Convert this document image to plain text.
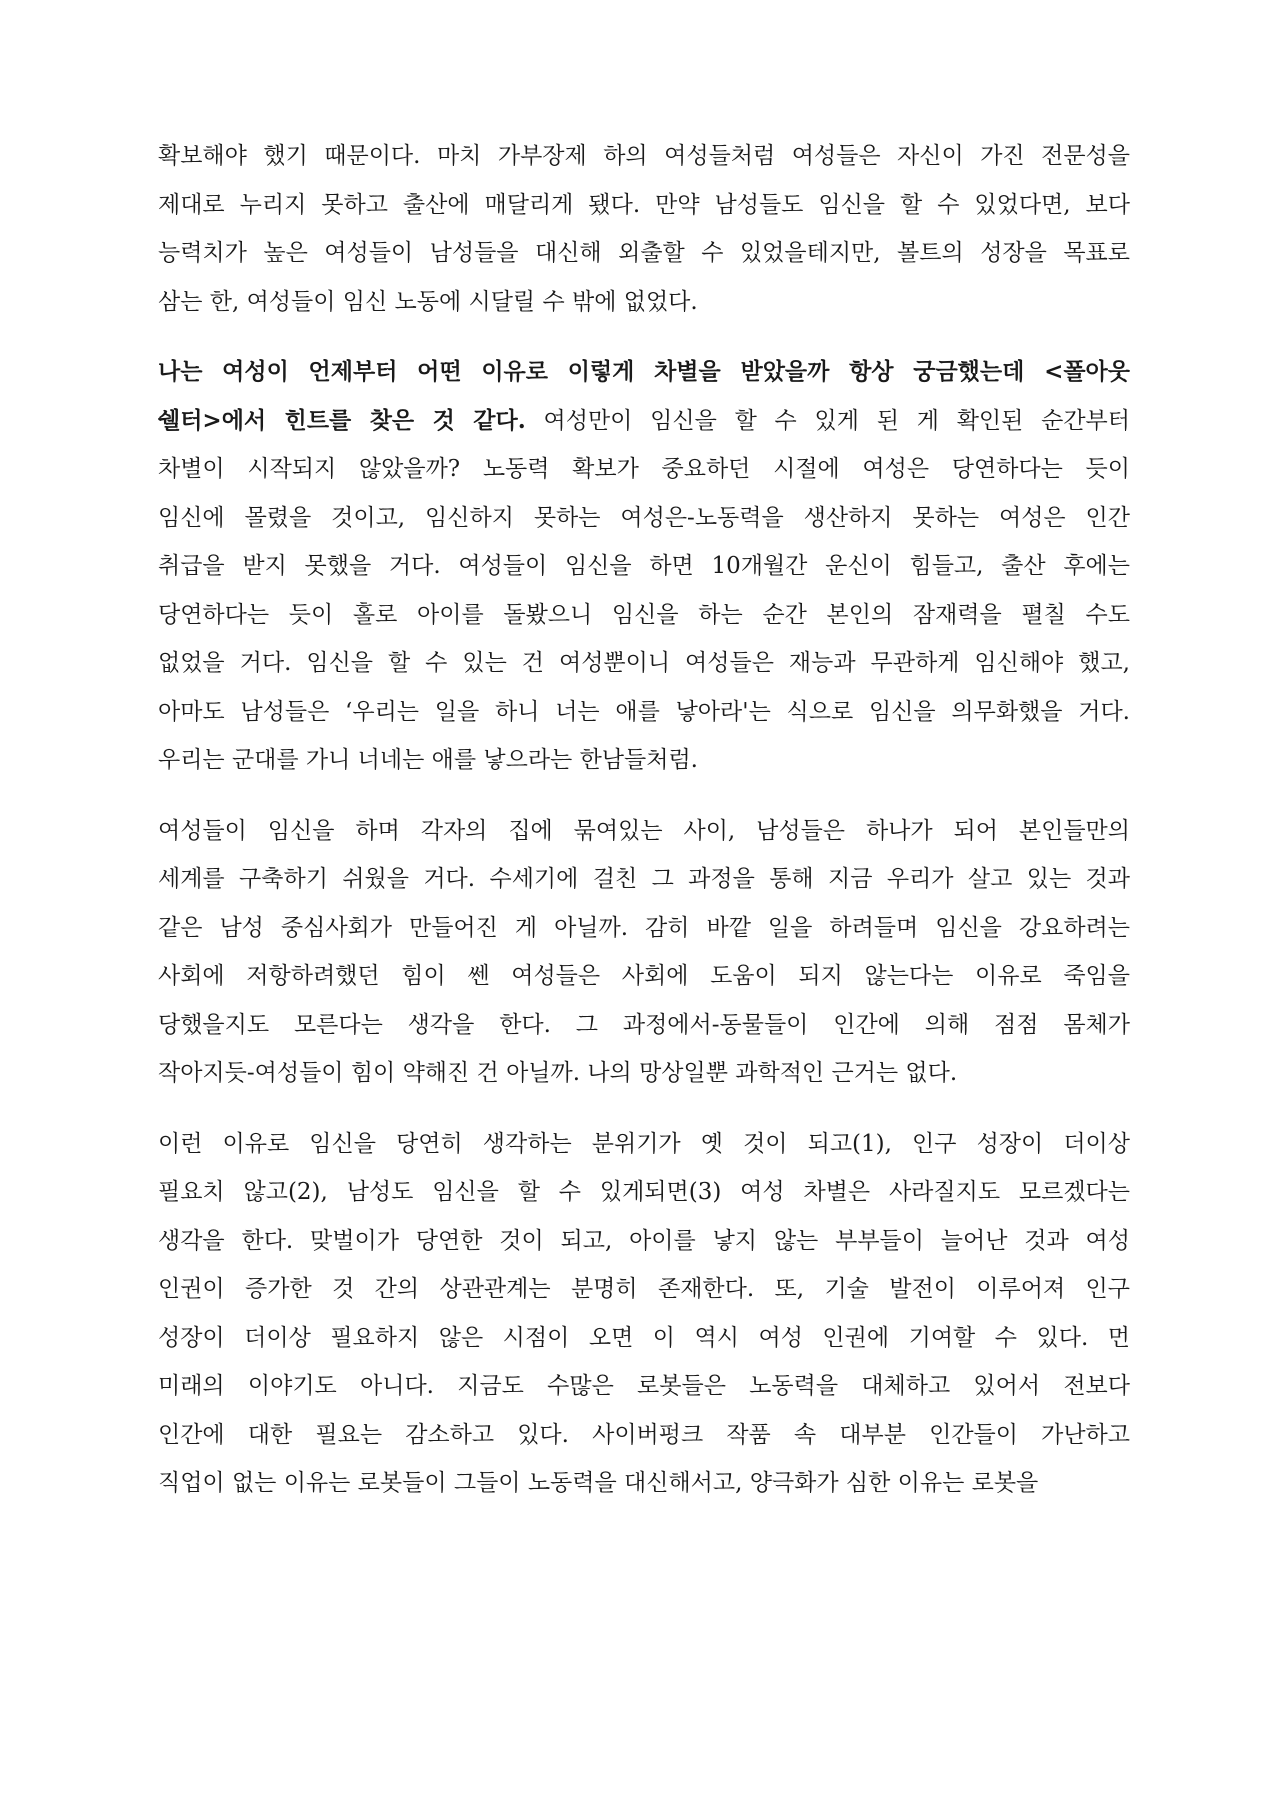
확보해야 했기 때문이다. 마치 가부장제 하의 여성들처럼 여성들은 자신이 가진 전문성을
제대로 누리지 못하고 출산에 매달리게 됐다. 만약 남성들도 임신을 할 수 있었다면, 보다
능력치가 높은 여성들이 남성들을 대신해 외출할 수 있었을테지만, 볼트의 성장을 목표로
삼는 한, 여성들이 임신 노동에 시달릴 수 밖에 없었다.
나는 여성이 언제부터 어떤 이유로 이렇게 차별을 받았을까 항상 궁금했는데 <폴아웃
쉘터>에서 힌트를 찾은 것 같다. 여성만이 임신을 할 수 있게 된 게 확인된 순간부터
차별이 시작되지 않았을까? 노동력 확보가 중요하던 시절에 여성은 당연하다는 듯이
임신에 몰렸을 것이고, 임신하지 못하는 여성은-노동력을 생산하지 못하는 여성은 인간
취급을 받지 못했을 거다. 여성들이 임신을 하면 10개월간 운신이 힘들고, 출산 후에는
당연하다는 듯이 홀로 아이를 돌봤으니 임신을 하는 순간 본인의 잠재력을 펼칠 수도
없었을 거다. 임신을 할 수 있는 건 여성뿐이니 여성들은 재능과 무관하게 임신해야 했고,
아마도 남성들은 ‘우리는 일을 하니 너는 애를 낳아라'는 식으로 임신을 의무화했을 거다.
우리는 군대를 가니 너네는 애를 낳으라는 한남들처럼.
여성들이 임신을 하며 각자의 집에 묶여있는 사이, 남성들은 하나가 되어 본인들만의
세계를 구축하기 쉬웠을 거다. 수세기에 걸친 그 과정을 통해 지금 우리가 살고 있는 것과
같은 남성 중심사회가 만들어진 게 아닐까. 감히 바깥 일을 하려들며 임신을 강요하려는
사회에 저항하려했던 힘이 쎈 여성들은 사회에 도움이 되지 않는다는 이유로 죽임을
당했을지도 모른다는 생각을 한다. 그 과정에서-동물들이 인간에 의해 점점 몸체가
작아지듯-여성들이 힘이 약해진 건 아닐까. 나의 망상일뿐 과학적인 근거는 없다.
이런 이유로 임신을 당연히 생각하는 분위기가 옛 것이 되고(1), 인구 성장이 더이상
필요치 않고(2), 남성도 임신을 할 수 있게되면(3) 여성 차별은 사라질지도 모르겠다는
생각을 한다. 맞벌이가 당연한 것이 되고, 아이를 낳지 않는 부부들이 늘어난 것과 여성
인권이 증가한 것 간의 상관관계는 분명히 존재한다. 또, 기술 발전이 이루어져 인구
성장이 더이상 필요하지 않은 시점이 오면 이 역시 여성 인권에 기여할 수 있다. 먼
미래의 이야기도 아니다. 지금도 수많은 로봇들은 노동력을 대체하고 있어서 전보다
인간에 대한 필요는 감소하고 있다. 사이버펑크 작품 속 대부분 인간들이 가난하고
직업이 없는 이유는 로봇들이 그들이 노동력을 대신해서고, 양극화가 심한 이유는 로봇을
